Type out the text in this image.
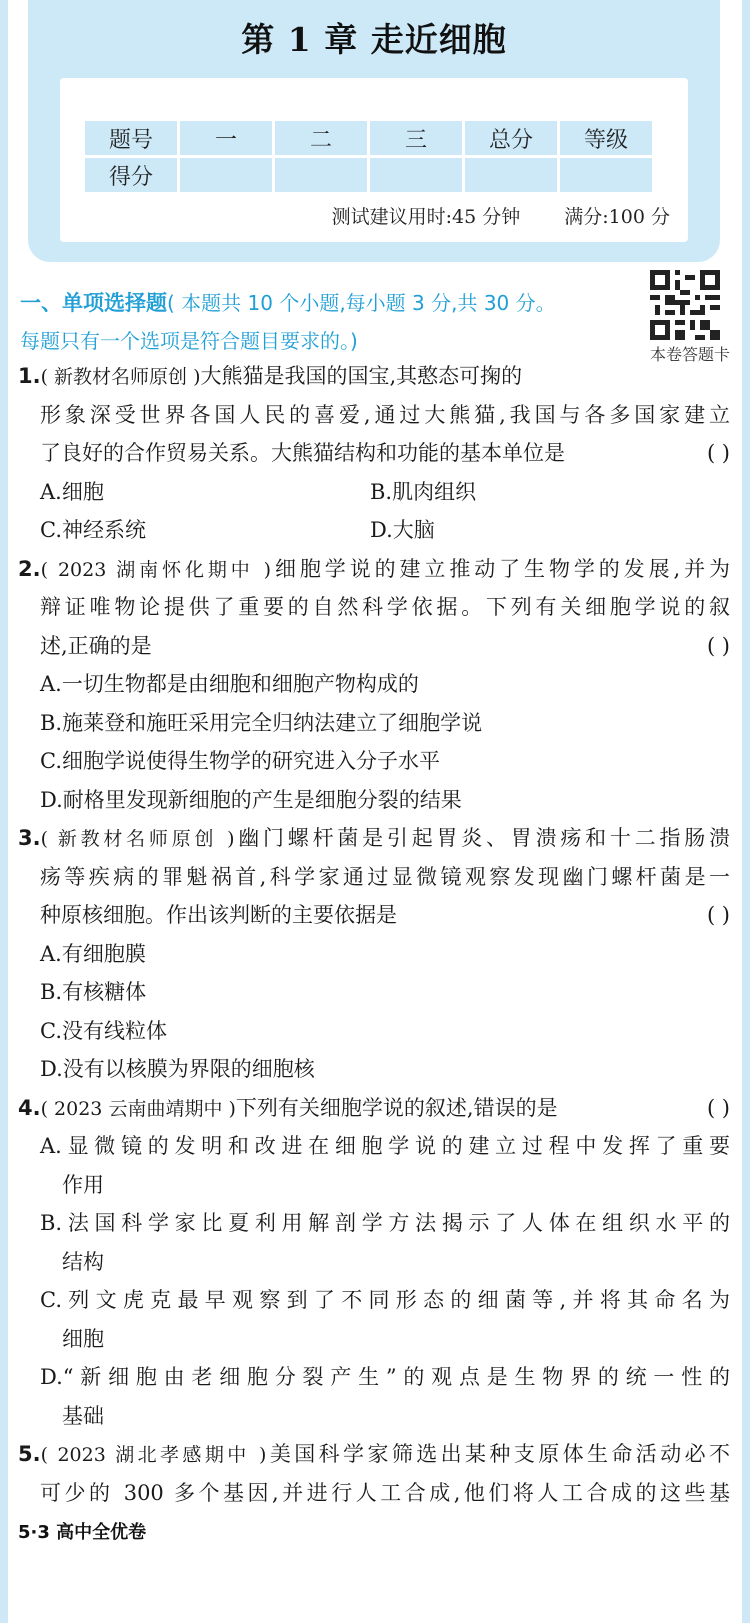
第 1 章 走近细胞
题号	一	二	三	总分	等级
得分					
测试建议用时:45 分钟 满分:100 分
一、单项选择题( 本题共 10 个小题,每小题 3 分,共 30 分。
每题只有一个选项是符合题目要求的。)
本卷答题卡
1.( 新教材名师原创 )大熊猫是我国的国宝,其憨态可掬的
形象深受世界各国人民的喜爱,通过大熊猫,我国与各多国家建立
了良好的合作贸易关系。大熊猫结构和功能的基本单位是	( )
A.细胞	B.肌肉组织
C.神经系统	D.大脑
2.( 2023 湖南怀化期中 )细胞学说的建立推动了生物学的发展,并为
辩证唯物论提供了重要的自然科学依据。下列有关细胞学说的叙
述,正确的是	( )
A.一切生物都是由细胞和细胞产物构成的
B.施莱登和施旺采用完全归纳法建立了细胞学说
C.细胞学说使得生物学的研究进入分子水平
D.耐格里发现新细胞的产生是细胞分裂的结果
3.( 新教材名师原创 )幽门螺杆菌是引起胃炎、胃溃疡和十二指肠溃
疡等疾病的罪魁祸首,科学家通过显微镜观察发现幽门螺杆菌是一
种原核细胞。作出该判断的主要依据是	( )
A.有细胞膜
B.有核糖体
C.没有线粒体
D.没有以核膜为界限的细胞核
4.( 2023 云南曲靖期中 )下列有关细胞学说的叙述,错误的是	( )
A.显微镜的发明和改进在细胞学说的建立过程中发挥了重要
作用
B.法国科学家比夏利用解剖学方法揭示了人体在组织水平的
结构
C.列文虎克最早观察到了不同形态的细菌等,并将其命名为
细胞
D.“新细胞由老细胞分裂产生”的观点是生物界的统一性的
基础
5.( 2023 湖北孝感期中 )美国科学家筛选出某种支原体生命活动必不
可少的 300 多个基因,并进行人工合成,他们将人工合成的这些基
5·3 高中全优卷
